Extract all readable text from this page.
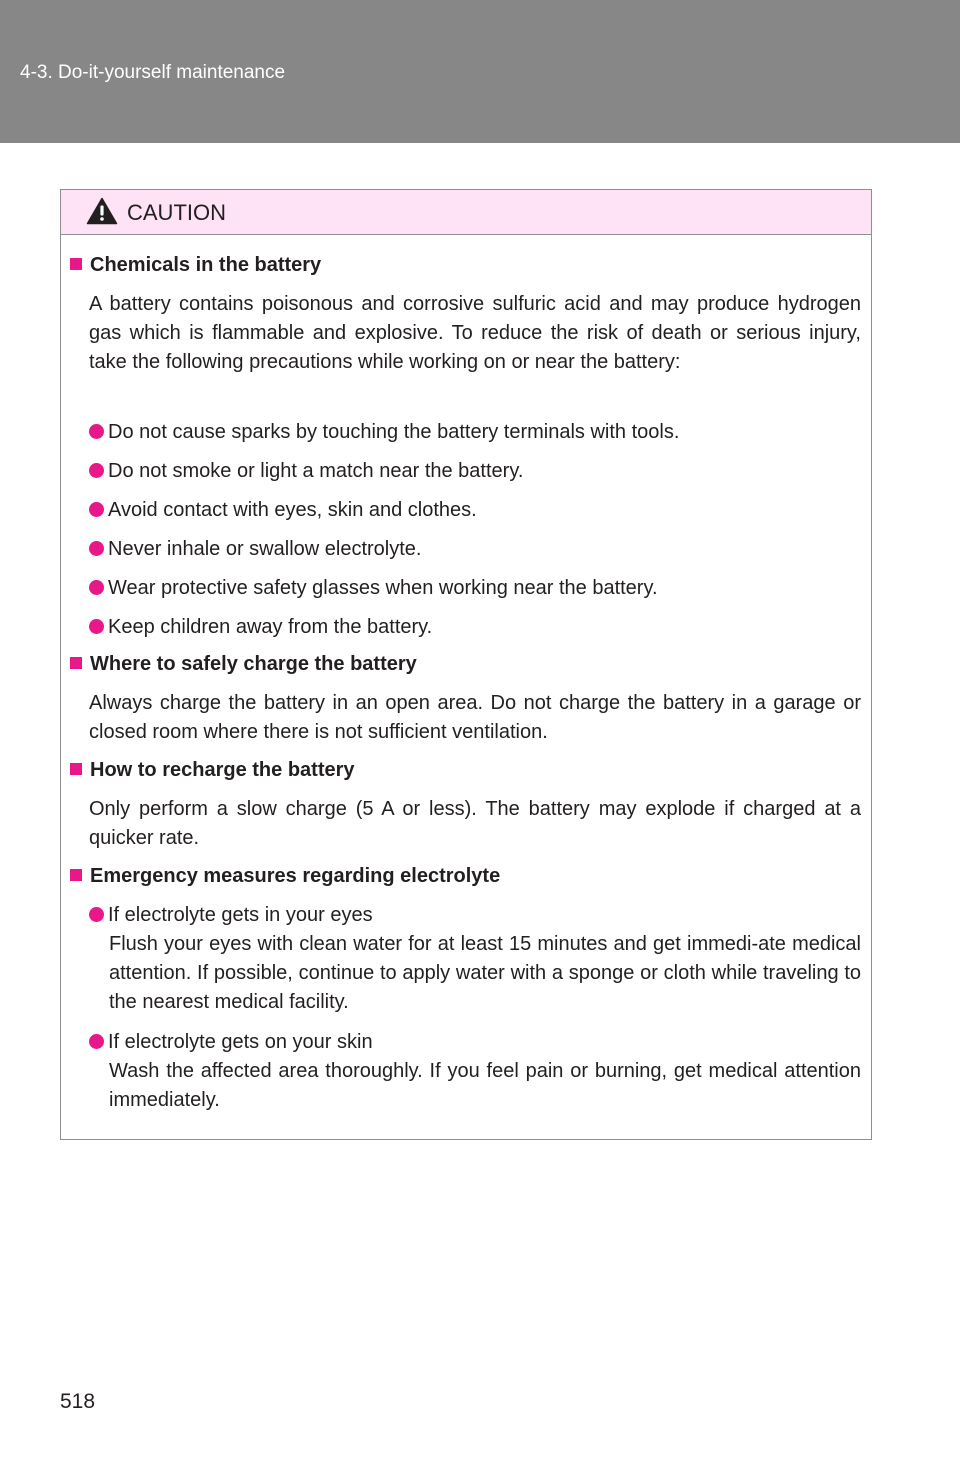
4-3. Do-it-yourself maintenance
CAUTION
Chemicals in the battery
A battery contains poisonous and corrosive sulfuric acid and may produce hydrogen gas which is flammable and explosive. To reduce the risk of death or serious injury, take the following precautions while working on or near the battery:
Do not cause sparks by touching the battery terminals with tools.
Do not smoke or light a match near the battery.
Avoid contact with eyes, skin and clothes.
Never inhale or swallow electrolyte.
Wear protective safety glasses when working near the battery.
Keep children away from the battery.
Where to safely charge the battery
Always charge the battery in an open area. Do not charge the battery in a garage or closed room where there is not sufficient ventilation.
How to recharge the battery
Only perform a slow charge (5 A or less). The battery may explode if charged at a quicker rate.
Emergency measures regarding electrolyte
If electrolyte gets in your eyes
Flush your eyes with clean water for at least 15 minutes and get immedi-ate medical attention. If possible, continue to apply water with a sponge or cloth while traveling to the nearest medical facility.
If electrolyte gets on your skin
Wash the affected area thoroughly. If you feel pain or burning, get medical attention immediately.
518
